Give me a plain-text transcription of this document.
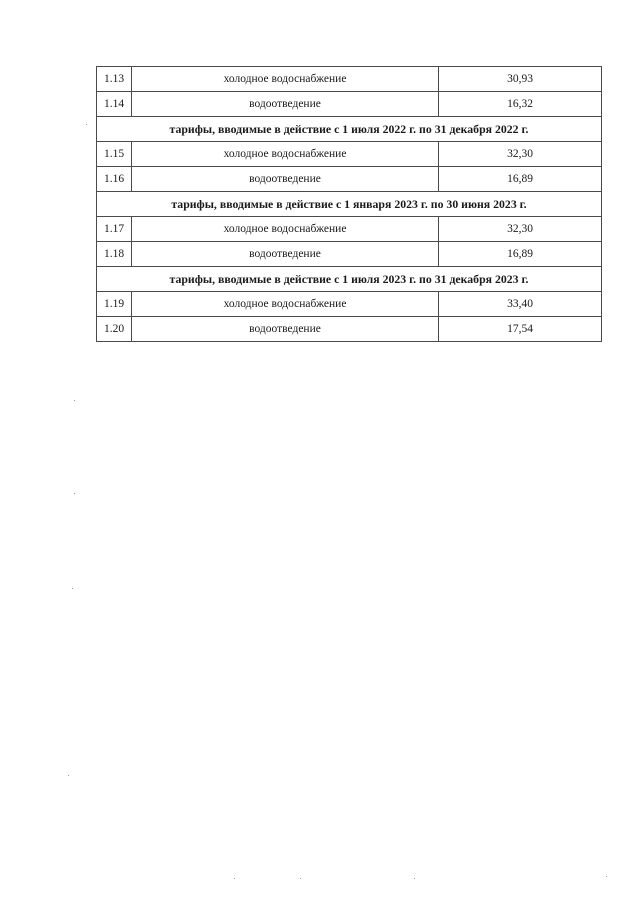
1.13	холодное водоснабжение	30,93
1.14	водоотведение	16,32
тарифы, вводимые в действие с 1 июля 2022 г. по 31 декабря 2022 г.		
1.15	холодное водоснабжение	32,30
1.16	водоотведение	16,89
тарифы, вводимые в действие с 1 января 2023 г. по 30 июня 2023 г.		
1.17	холодное водоснабжение	32,30
1.18	водоотведение	16,89
тарифы, вводимые в действие с 1 июля 2023 г. по 31 декабря 2023 г.		
1.19	холодное водоснабжение	33,40
1.20	водоотведение	17,54
